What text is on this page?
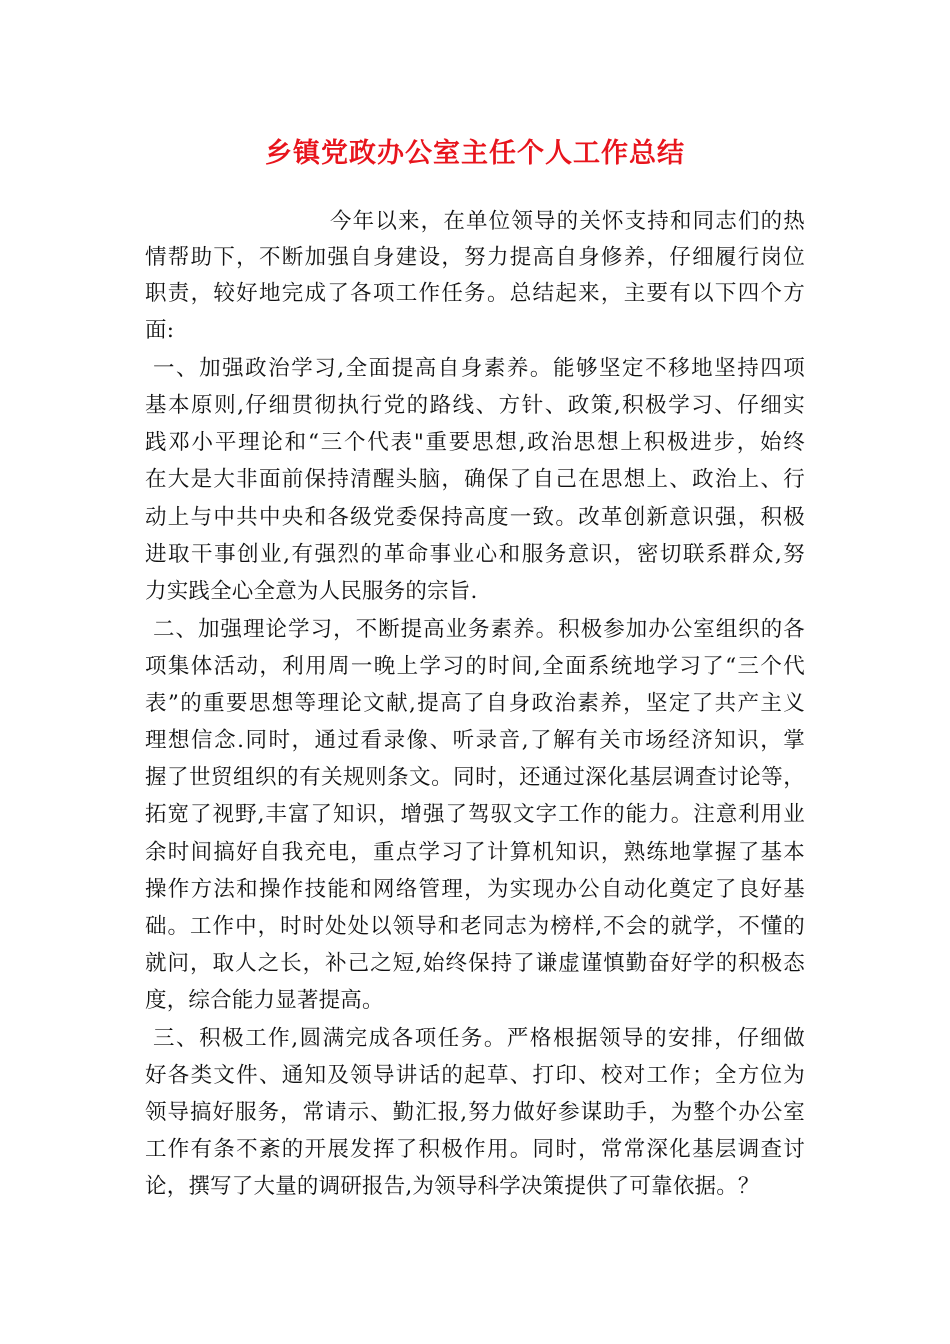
乡镇党政办公室主任个人工作总结
今年以来，在单位领导的关怀支持和同志们的热
情帮助下，不断加强自身建设，努力提高自身修养，仔细履行岗位
职责，较好地完成了各项工作任务。总结起来，主要有以下四个方
面:
一、加强政治学习,全面提高自身素养。能够坚定不移地坚持四项
基本原则,仔细贯彻执行党的路线、方针、政策,积极学习、仔细实
践邓小平理论和“三个代表"重要思想,政治思想上积极进步，始终
在大是大非面前保持清醒头脑，确保了自己在思想上、政治上、行
动上与中共中央和各级党委保持高度一致。改革创新意识强，积极
进取干事创业,有强烈的革命事业心和服务意识，密切联系群众,努
力实践全心全意为人民服务的宗旨.
二、加强理论学习，不断提高业务素养。积极参加办公室组织的各
项集体活动，利用周一晚上学习的时间,全面系统地学习了“三个代
表”的重要思想等理论文献,提高了自身政治素养，坚定了共产主义
理想信念.同时，通过看录像、听录音,了解有关市场经济知识，掌
握了世贸组织的有关规则条文。同时，还通过深化基层调查讨论等，
拓宽了视野,丰富了知识，增强了驾驭文字工作的能力。注意利用业
余时间搞好自我充电，重点学习了计算机知识，熟练地掌握了基本
操作方法和操作技能和网络管理，为实现办公自动化奠定了良好基
础。工作中，时时处处以领导和老同志为榜样,不会的就学，不懂的
就问，取人之长，补己之短,始终保持了谦虚谨慎勤奋好学的积极态
度，综合能力显著提高。
三、积极工作,圆满完成各项任务。严格根据领导的安排，仔细做
好各类文件、通知及领导讲话的起草、打印、校对工作；全方位为
领导搞好服务，常请示、勤汇报,努力做好参谋助手，为整个办公室
工作有条不紊的开展发挥了积极作用。同时，常常深化基层调查讨
论，撰写了大量的调研报告,为领导科学决策提供了可靠依据。？
